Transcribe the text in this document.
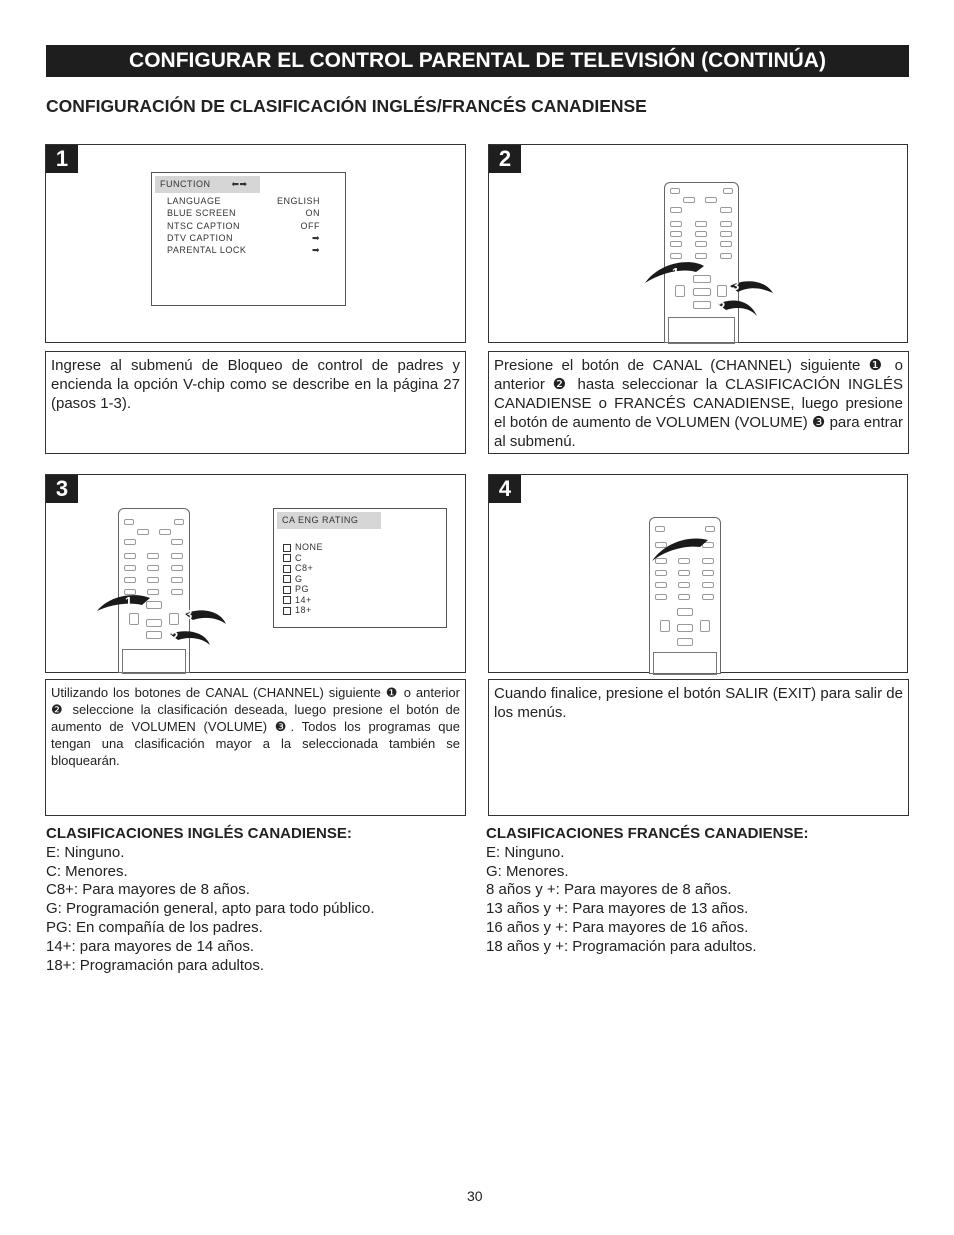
CONFIGURAR EL CONTROL PARENTAL DE TELEVISIÓN (CONTINÚA)
CONFIGURACIÓN DE CLASIFICACIÓN INGLÉS/FRANCÉS CANADIENSE
1
FUNCTION ⬅➡
LANGUAGE	ENGLISH
BLUE SCREEN	ON
NTSC CAPTION	OFF
DTV CAPTION	➡
PARENTAL LOCK	➡
2
Ingrese al submenú de Bloqueo de control de padres y encienda la opción V-chip como se describe en la página 27 (pasos 1-3).
Presione el botón de CANAL (CHANNEL) siguiente ❶ o anterior ❷ hasta seleccionar la CLASIFICACIÓN INGLÉS CANADIENSE o FRANCÉS CANADIENSE, luego presione el botón de aumento de VOLUMEN (VOLUME) ❸ para entrar al submenú.
3
CA ENG RATING
NONE
C
C8+
G
PG
14+
18+
4
Utilizando los botones de CANAL (CHANNEL) siguiente ❶ o anterior ❷ seleccione la clasificación deseada, luego presione el botón de aumento de VOLUMEN (VOLUME) ❸. Todos los programas que tengan una clasificación mayor a la seleccionada también se bloquearán.
Cuando finalice, presione el botón SALIR (EXIT) para salir de los menús.
1
3
2
1
3
2
CLASIFICACIONES INGLÉS CANADIENSE:
E: Ninguno.
C: Menores.
C8+: Para mayores de 8 años.
G: Programación general, apto para todo público.
PG: En compañía de los padres.
14+: para mayores de 14 años.
18+: Programación para adultos.
CLASIFICACIONES FRANCÉS CANADIENSE:
E: Ninguno.
G: Menores.
8 años y +: Para mayores de 8 años.
13 años y +: Para mayores de 13 años.
16 años y +: Para mayores de 16 años.
18 años y +: Programación para adultos.
30
